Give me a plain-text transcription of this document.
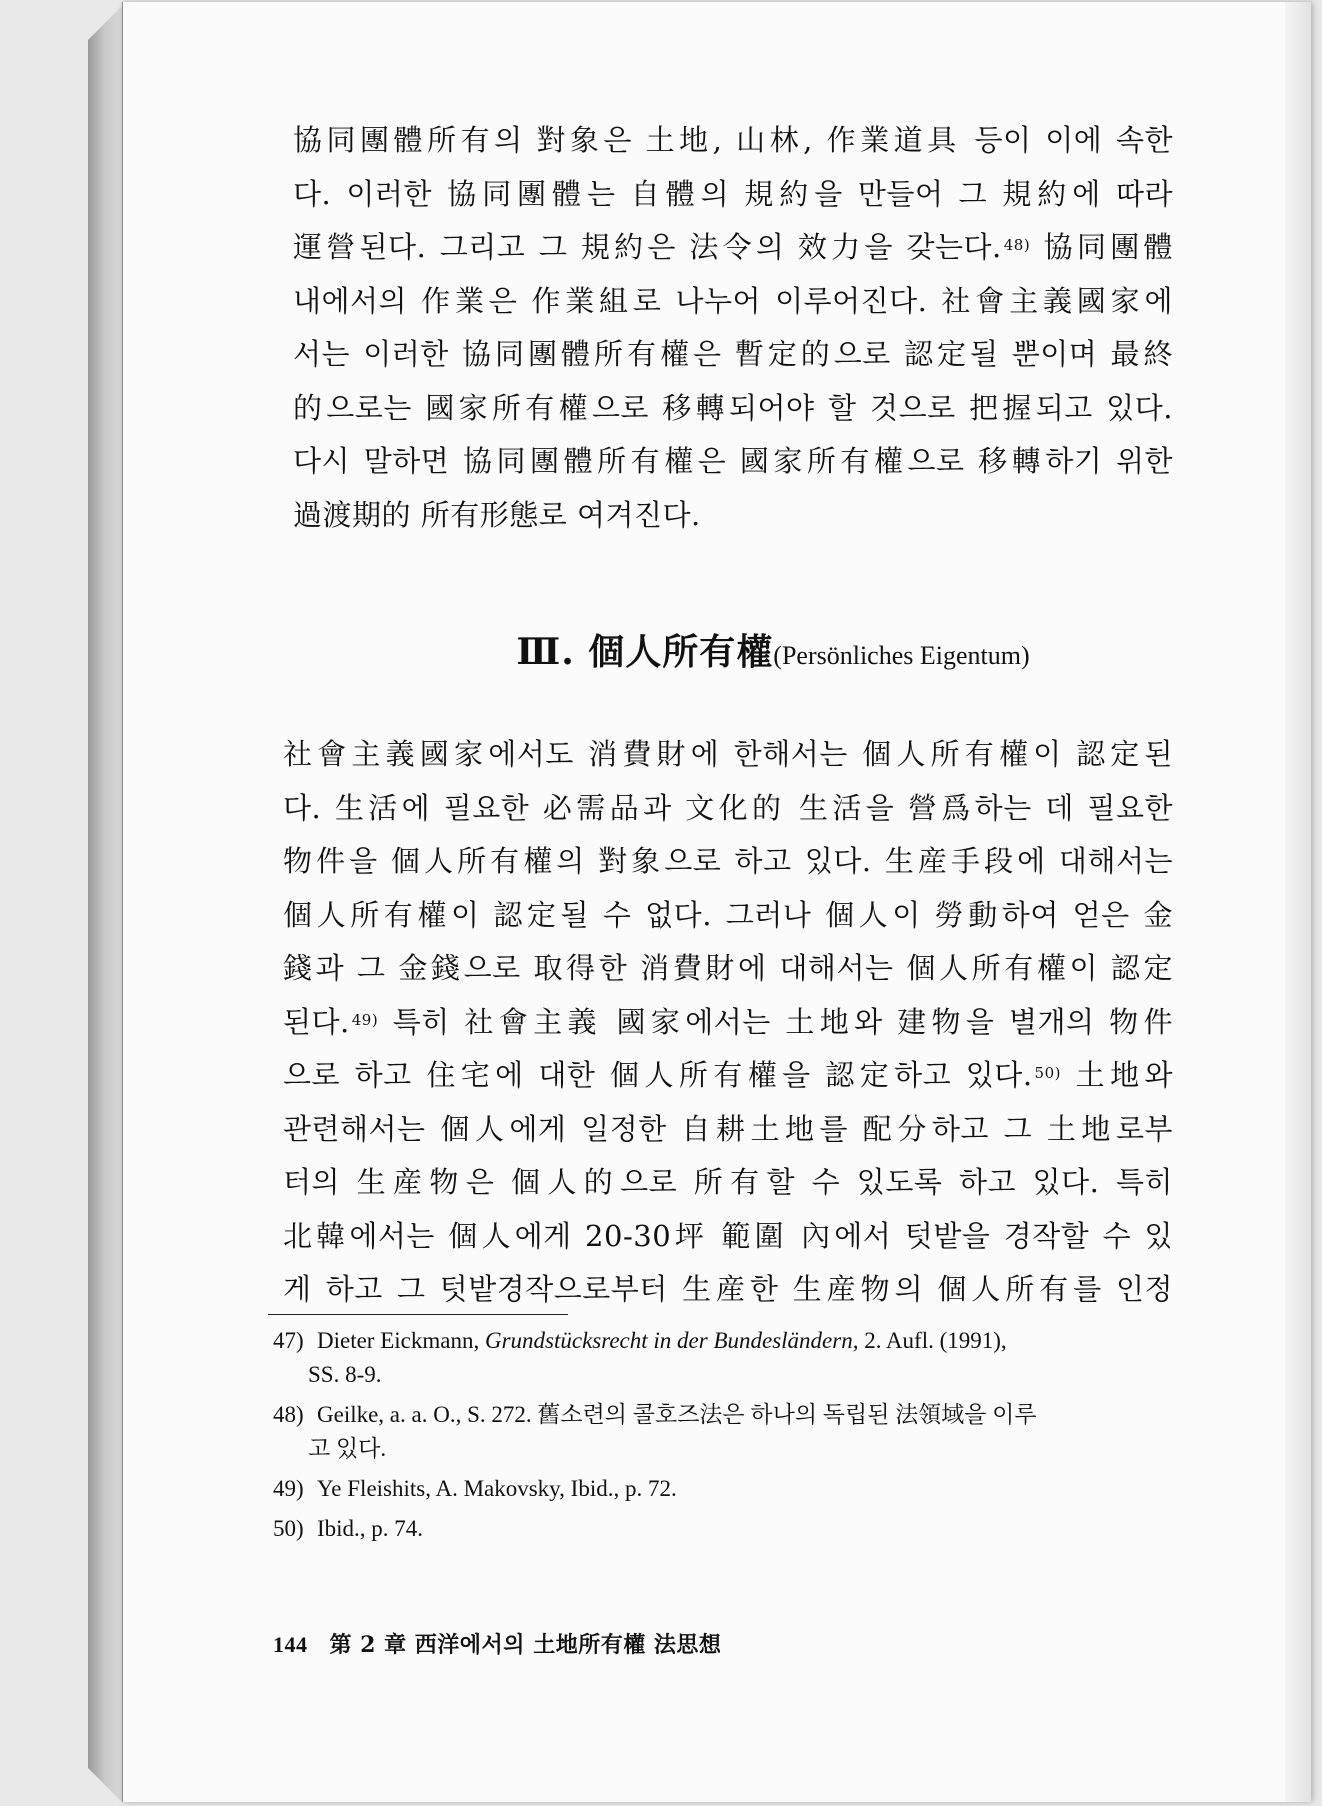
協同團體所有의 對象은 土地, 山林, 作業道具 등이 이에 속한
다. 이러한 協同團體는 自體의 規約을 만들어 그 規約에 따라
運營된다. 그리고 그 規約은 法令의 效力을 갖는다. $^{48)}$ 協同團體
내에서의 作業은 作業組로 나누어 이루어진다. 社會主義國家에
서는 이러한 協同團體所有權은 暫定的으로 認定될 뿐이며 最終
的으로는 國家所有權으로 移轉되어야 할 것으로 把握되고 있다.
다시 말하면 協同團體所有權은 國家所有權으로 移轉하기 위한
過渡期的 所有形態로 여겨진다.
Ⅲ. 個人所有權(Persönliches Eigentum)
社會主義國家에서도 消費財에 한해서는 個人所有權이 認定된
다. 生活에 필요한 必需品과 文化的 生活을 營爲하는 데 필요한
物件을 個人所有權의 對象으로 하고 있다. 生産手段에 대해서는
個人所有權이 認定될 수 없다. 그러나 個人이 勞動하여 얻은 金
錢과 그 金錢으로 取得한 消費財에 대해서는 個人所有權이 認定
된다. $^{49)}$ 특히 社會主義 國家에서는 土地와 建物을 별개의 物件
으로 하고 住宅에 대한 個人所有權을 認定하고 있다. $^{50)}$ 土地와
관련해서는 個人에게 일정한 自耕土地를 配分하고 그 土地로부
터의 生産物은 個人的으로 所有할 수 있도록 하고 있다. 특히
北韓에서는 個人에게 20-30坪 範圍 內에서 텃밭을 경작할 수 있
게 하고 그 텃밭경작으로부터 生産한 生産物의 個人所有를 인정

47) Dieter Eickmann, Grundstücksrecht in der Bundesländern, 2. Aufl. (1991),
SS. 8-9.

48) Geilke, a. a. O., S. 272. 舊소련의 콜호즈法은 하나의 독립된 法領域을 이루
고 있다.

49) Ye Fleishits, A. Makovsky, Ibid., p. 72.

50) Ibid., p. 74.

144 第 2 章 西洋에서의 土地所有權 法思想
